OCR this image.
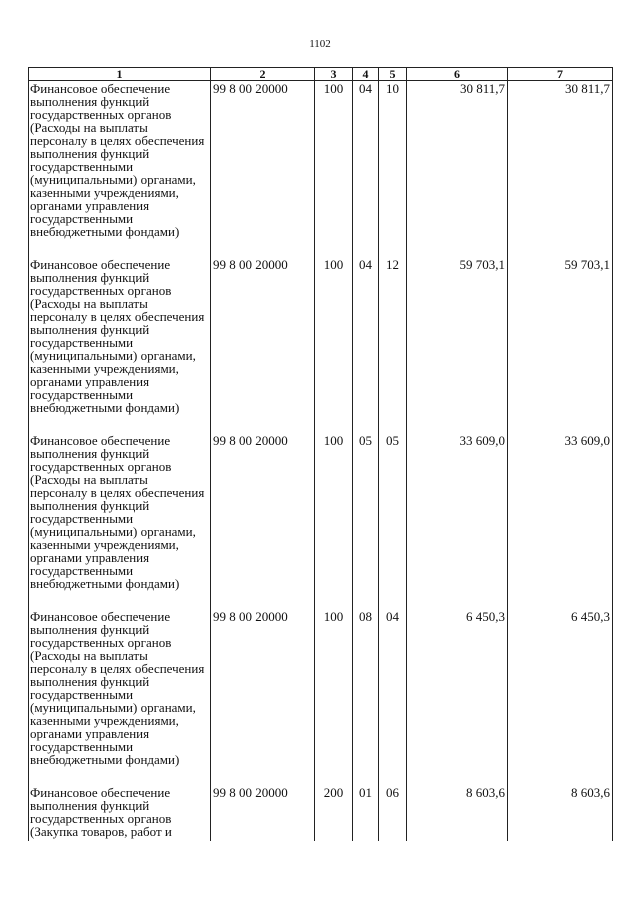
1102
1	2	3	4	5	6	7
Финансовое обеспечение выполнения функций государственных органов (Расходы на выплаты персоналу в целях обеспечения выполнения функций государственными (муниципальными) органами, казенными учреждениями, органами управления государственными внебюджетными фондами)	99 8 00 20000	100	04	10	30 811,7	30 811,7
Финансовое обеспечение выполнения функций государственных органов (Расходы на выплаты персоналу в целях обеспечения выполнения функций государственными (муниципальными) органами, казенными учреждениями, органами управления государственными внебюджетными фондами)	99 8 00 20000	100	04	12	59 703,1	59 703,1
Финансовое обеспечение выполнения функций государственных органов (Расходы на выплаты персоналу в целях обеспечения выполнения функций государственными (муниципальными) органами, казенными учреждениями, органами управления государственными внебюджетными фондами)	99 8 00 20000	100	05	05	33 609,0	33 609,0
Финансовое обеспечение выполнения функций государственных органов (Расходы на выплаты персоналу в целях обеспечения выполнения функций государственными (муниципальными) органами, казенными учреждениями, органами управления государственными внебюджетными фондами)	99 8 00 20000	100	08	04	6 450,3	6 450,3
Финансовое обеспечение выполнения функций государственных органов (Закупка товаров, работ и	99 8 00 20000	200	01	06	8 603,6	8 603,6
